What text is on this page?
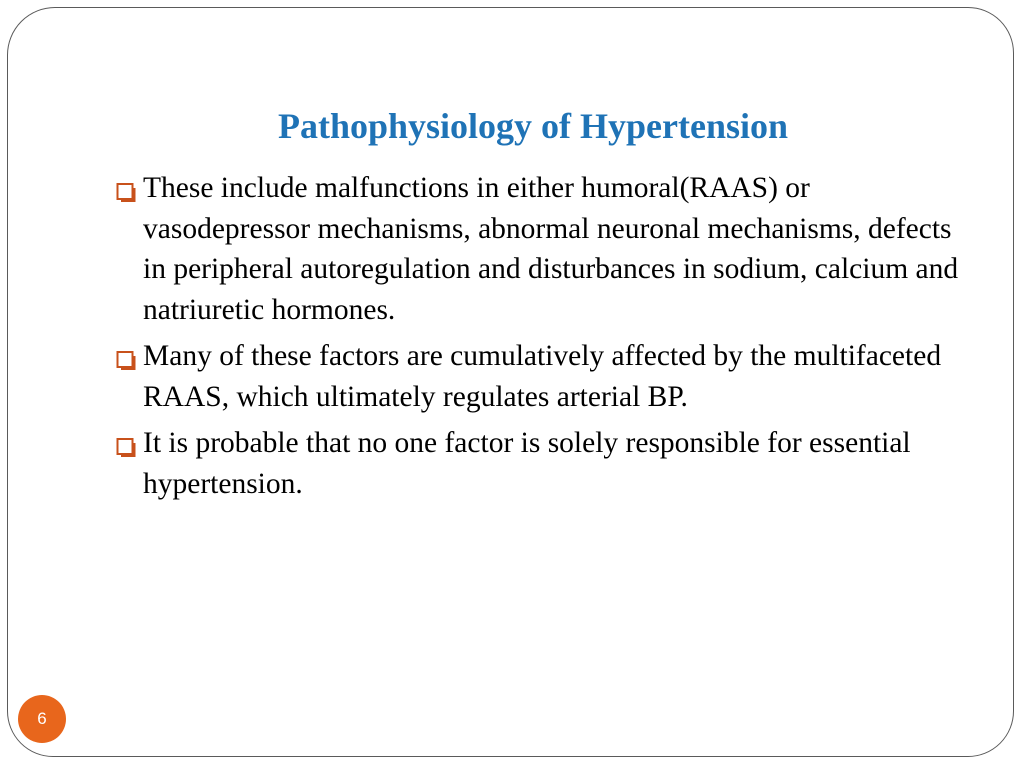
Pathophysiology of Hypertension
These include malfunctions in either humoral(RAAS) or vasodepressor mechanisms, abnormal neuronal mechanisms, defects in peripheral autoregulation and disturbances in sodium, calcium and natriuretic hormones.
Many of these factors are cumulatively affected by the multifaceted RAAS, which ultimately regulates arterial BP.
It is probable that no one factor is solely responsible for essential hypertension.
6
